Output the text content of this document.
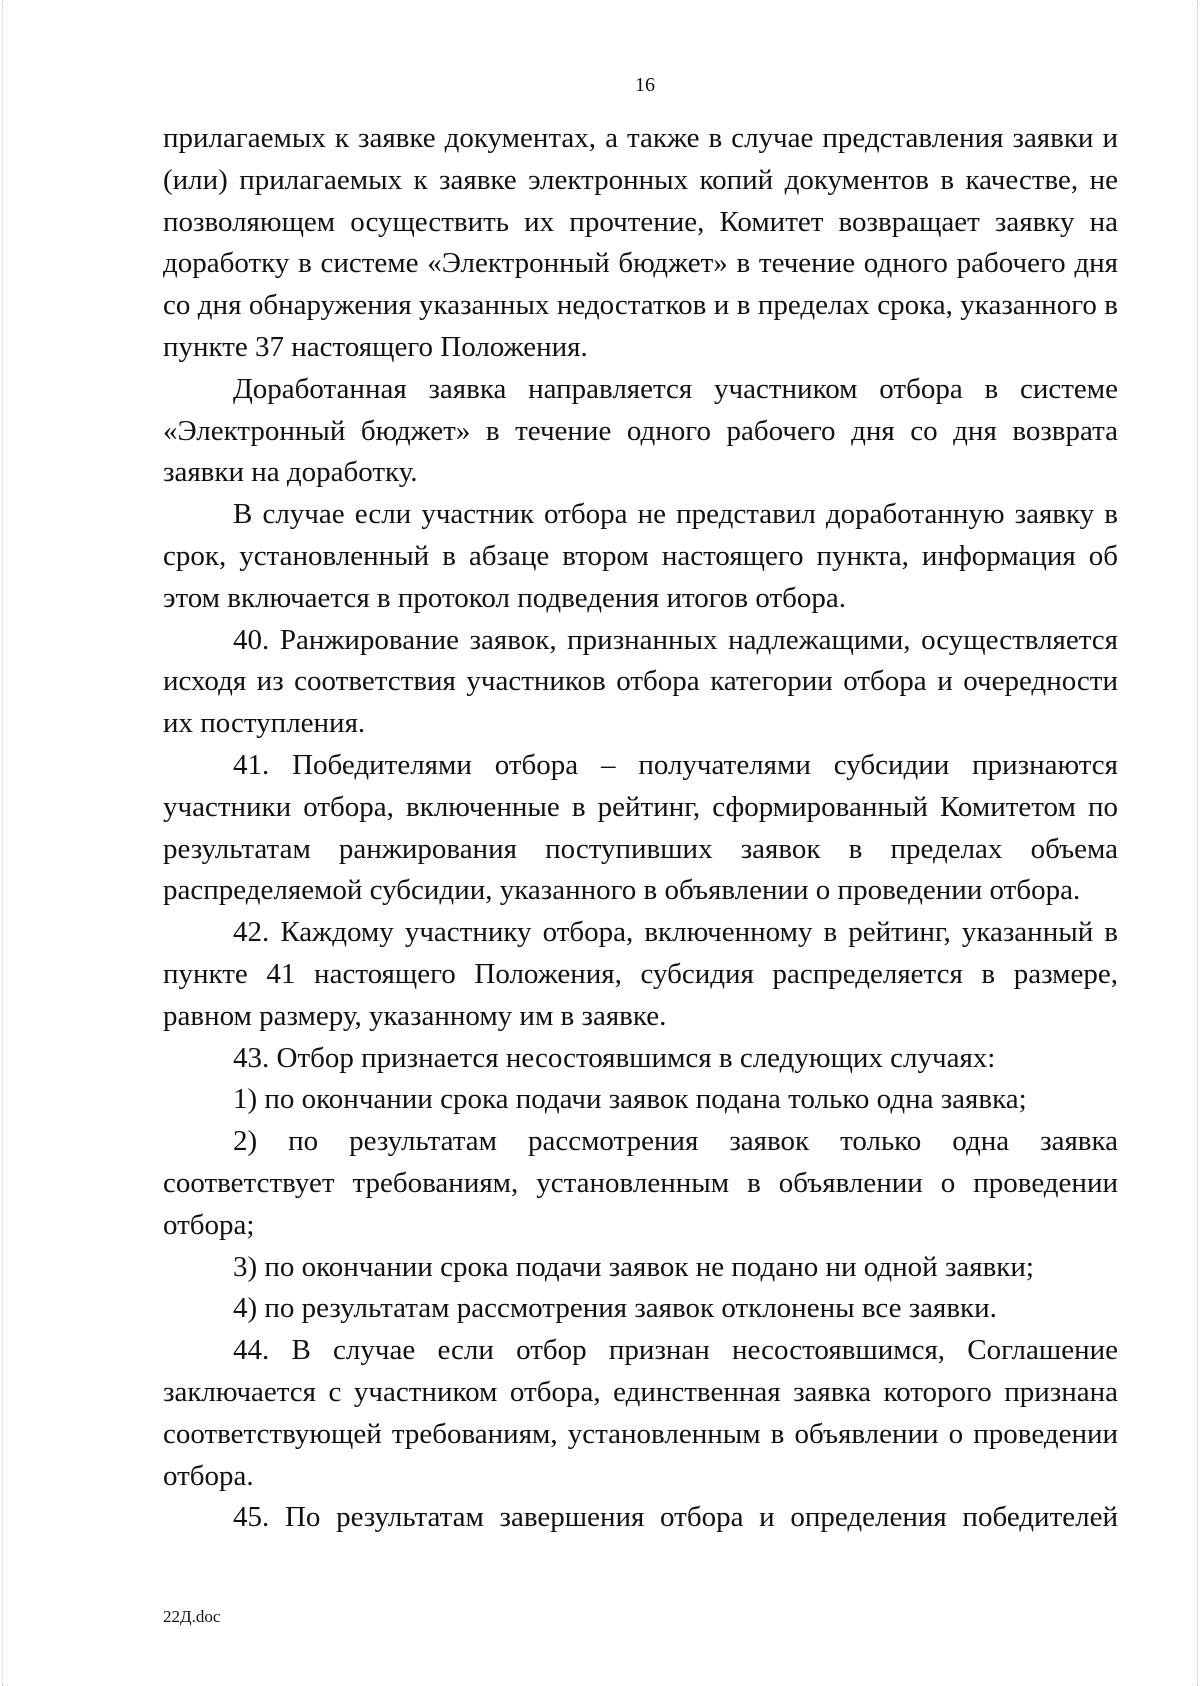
16

прилагаемых к заявке документах, а также в случае представления заявки и (или) прилагаемых к заявке электронных копий документов в качестве, не позволяющем осуществить их прочтение, Комитет возвращает заявку на доработку в системе «Электронный бюджет» в течение одного рабочего дня со дня обнаружения указанных недостатков и в пределах срока, указанного в пункте 37 настоящего Положения.

Доработанная заявка направляется участником отбора в системе «Электронный бюджет» в течение одного рабочего дня со дня возврата заявки на доработку.

В случае если участник отбора не представил доработанную заявку в срок, установленный в абзаце втором настоящего пункта, информация об этом включается в протокол подведения итогов отбора.

40. Ранжирование заявок, признанных надлежащими, осуществляется исходя из соответствия участников отбора категории отбора и очередности их поступления.

41. Победителями отбора – получателями субсидии признаются участники отбора, включенные в рейтинг, сформированный Комитетом по результатам ранжирования поступивших заявок в пределах объема распределяемой субсидии, указанного в объявлении о проведении отбора.

42. Каждому участнику отбора, включенному в рейтинг, указанный в пункте 41 настоящего Положения, субсидия распределяется в размере, равном размеру, указанному им в заявке.

43. Отбор признается несостоявшимся в следующих случаях:

1) по окончании срока подачи заявок подана только одна заявка;

2) по результатам рассмотрения заявок только одна заявка соответствует требованиям, установленным в объявлении о проведении отбора;

3) по окончании срока подачи заявок не подано ни одной заявки;

4) по результатам рассмотрения заявок отклонены все заявки.

44. В случае если отбор признан несостоявшимся, Соглашение заключается с участником отбора, единственная заявка которого признана соответствующей требованиям, установленным в объявлении о проведении отбора.

45. По результатам завершения отбора и определения победителей

22Д.doc
